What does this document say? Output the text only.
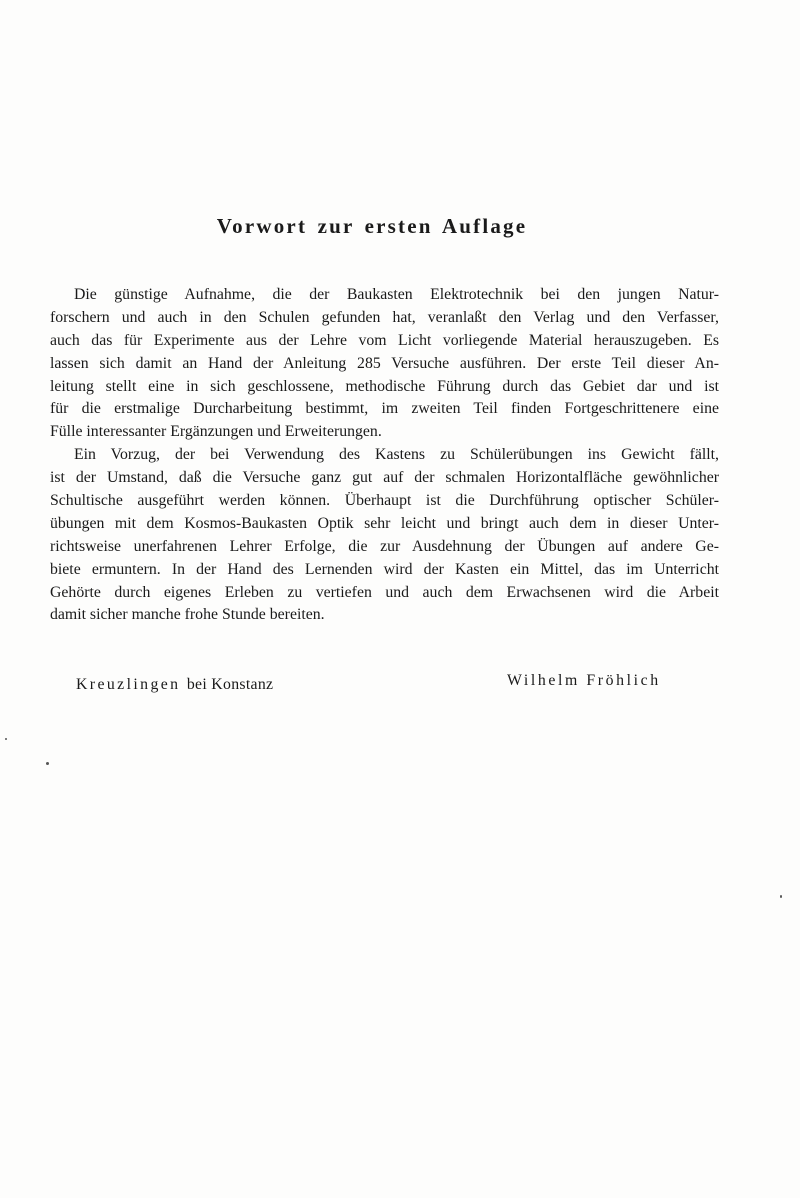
Vorwort zur ersten Auflage
Die günstige Aufnahme, die der Baukasten Elektrotechnik bei den jungen Natur-
forschern und auch in den Schulen gefunden hat, veranlaßt den Verlag und den Verfasser,
auch das für Experimente aus der Lehre vom Licht vorliegende Material herauszugeben. Es
lassen sich damit an Hand der Anleitung 285 Versuche ausführen. Der erste Teil dieser An-
leitung stellt eine in sich geschlossene, methodische Führung durch das Gebiet dar und ist
für die erstmalige Durcharbeitung bestimmt, im zweiten Teil finden Fortgeschrittenere eine
Fülle interessanter Ergänzungen und Erweiterungen.
Ein Vorzug, der bei Verwendung des Kastens zu Schülerübungen ins Gewicht fällt,
ist der Umstand, daß die Versuche ganz gut auf der schmalen Horizontalfläche gewöhnlicher
Schultische ausgeführt werden können. Überhaupt ist die Durchführung optischer Schüler-
übungen mit dem Kosmos-Baukasten Optik sehr leicht und bringt auch dem in dieser Unter-
richtsweise unerfahrenen Lehrer Erfolge, die zur Ausdehnung der Übungen auf andere Ge-
biete ermuntern. In der Hand des Lernenden wird der Kasten ein Mittel, das im Unterricht
Gehörte durch eigenes Erleben zu vertiefen und auch dem Erwachsenen wird die Arbeit
damit sicher manche frohe Stunde bereiten.
Kreuzlingen bei Konstanz	Wilhelm Fröhlich
